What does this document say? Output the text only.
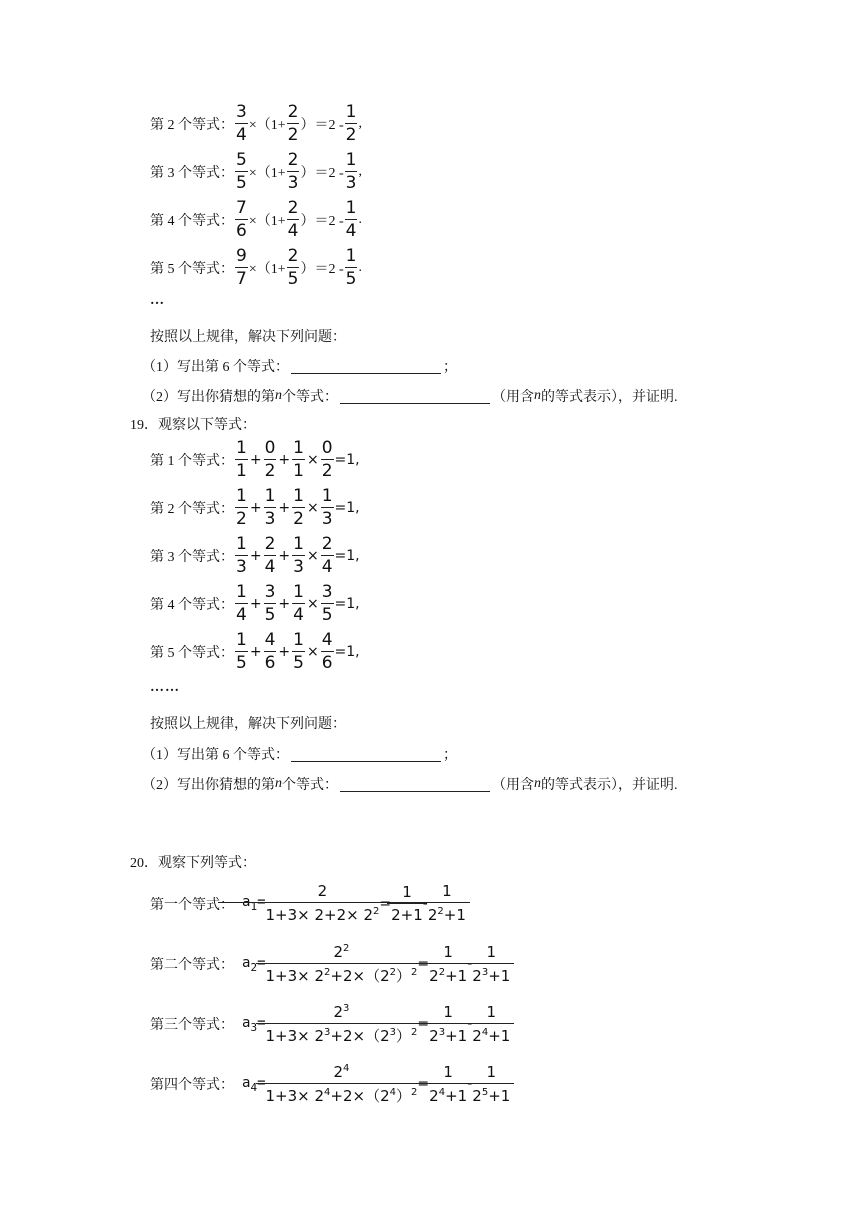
第 2 个等式： $\frac{3}{4} \times(1+ \frac{2}{2} )=2 - \frac{1}{2}$ ,
第 3 个等式： $\frac{5}{5} \times(1+ \frac{2}{3} )=2 - \frac{1}{3}$ ,
第 4 个等式： $\frac{7}{6} \times(1+ \frac{2}{4} )=2 - \frac{1}{4}$ .
第 5 个等式： $\frac{9}{7} \times(1+ \frac{2}{5} )=2 - \frac{1}{5}$ .
…
按照以上规律，解决下列问题：
（1）写出第 6 个等式：	；
（2）写出你猜想的第 n 个等式：	（用含 n 的等式表示），并证明.
19．观察以下等式：
第 1 个等式： $\frac{1}{1} + \frac{0}{2} + \frac{1}{1} \times \frac{0}{2} =1$,
第 2 个等式： $\frac{1}{2} + \frac{1}{3} + \frac{1}{2} \times \frac{1}{3} =1$,
第 3 个等式： $\frac{1}{3} + \frac{2}{4} + \frac{1}{3} \times \frac{2}{4} =1$,
第 4 个等式： $\frac{1}{4} + \frac{3}{5} + \frac{1}{4} \times \frac{3}{5} =1$,
第 5 个等式： $\frac{1}{5} + \frac{4}{6} + \frac{1}{5} \times \frac{4}{6} =1$,
……
按照以上规律，解决下列问题：
（1）写出第 6 个等式：	；
（2）写出你猜想的第 n 个等式：	（用含 n 的等式表示），并证明.
20．观察下列等式：
第一个等式： $a_1= \frac{2}{1+3\times 2+2\times 2^2} = \frac{1}{2+1} - \frac{1}{2^2+1}$
第二个等式： $a_2= \frac{2^2}{1+3\times 2^2+2\times(2^2)^2} = \frac{1}{2^2+1} - \frac{1}{2^3+1}$
第三个等式： $a_3= \frac{2^3}{1+3\times 2^3+2\times(2^3)^2} = \frac{1}{2^3+1} - \frac{1}{2^4+1}$
第四个等式： $a_4= \frac{2^4}{1+3\times 2^4+2\times(2^4)^2} = \frac{1}{2^4+1} - \frac{1}{2^5+1}$
